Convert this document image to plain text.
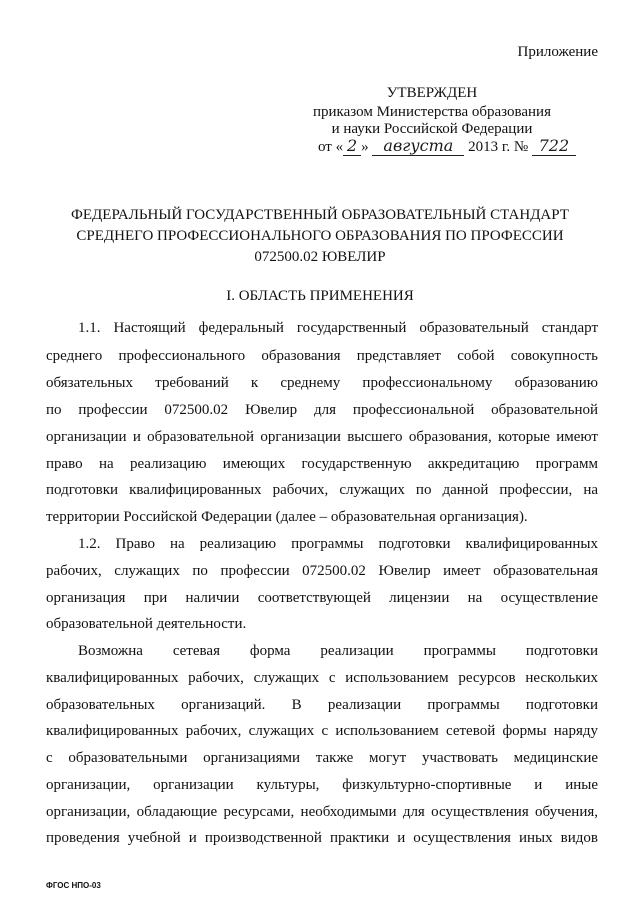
Приложение
УТВЕРЖДЕН
приказом Министерства образования
и науки Российской Федерации
от « 2 » августа 2013 г. № 722
ФЕДЕРАЛЬНЫЙ ГОСУДАРСТВЕННЫЙ ОБРАЗОВАТЕЛЬНЫЙ СТАНДАРТ
СРЕДНЕГО ПРОФЕССИОНАЛЬНОГО ОБРАЗОВАНИЯ ПО ПРОФЕССИИ
072500.02 ЮВЕЛИР
I. ОБЛАСТЬ ПРИМЕНЕНИЯ
1.1. Настоящий федеральный государственный образовательный стандарт
среднего профессионального образования представляет собой совокупность
обязательных требований к среднему профессиональному образованию
по профессии 072500.02 Ювелир для профессиональной образовательной
организации и образовательной организации высшего образования, которые имеют
право на реализацию имеющих государственную аккредитацию программ
подготовки квалифицированных рабочих, служащих по данной профессии, на
территории Российской Федерации (далее – образовательная организация).
1.2. Право на реализацию программы подготовки квалифицированных
рабочих, служащих по профессии 072500.02 Ювелир имеет образовательная
организация при наличии соответствующей лицензии на осуществление
образовательной деятельности.
Возможна сетевая форма реализации программы подготовки
квалифицированных рабочих, служащих с использованием ресурсов нескольких
образовательных организаций. В реализации программы подготовки
квалифицированных рабочих, служащих с использованием сетевой формы наряду
с образовательными организациями также могут участвовать медицинские
организации, организации культуры, физкультурно-спортивные и иные
организации, обладающие ресурсами, необходимыми для осуществления обучения,
проведения учебной и производственной практики и осуществления иных видов
ФГОС НПО-03
